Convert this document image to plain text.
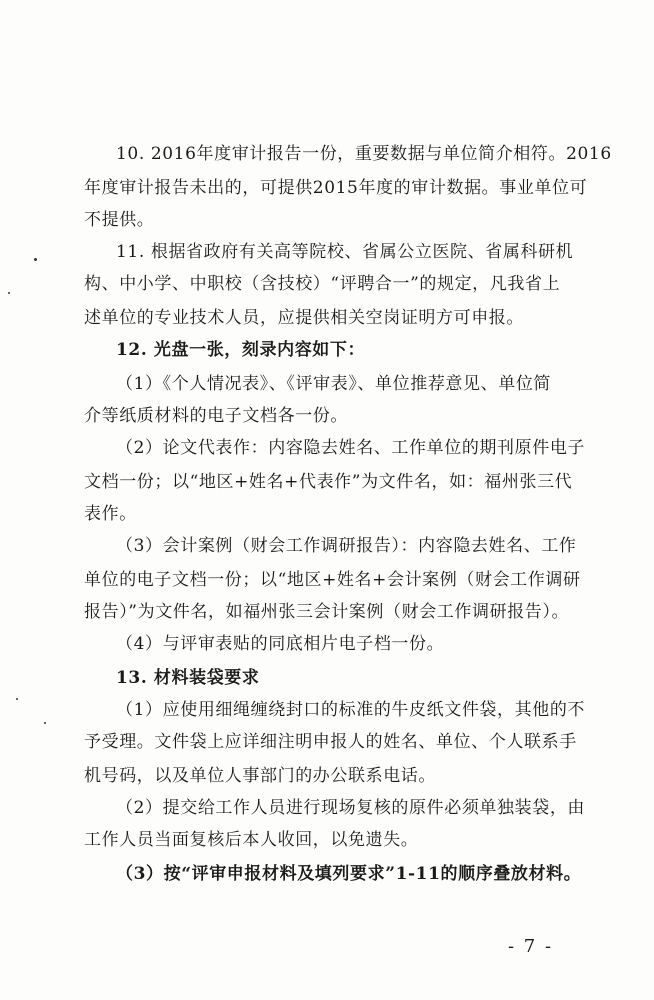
10. 2016年度审计报告一份，重要数据与单位简介相符。2016
年度审计报告未出的，可提供2015年度的审计数据。事业单位可
不提供。
11. 根据省政府有关高等院校、省属公立医院、省属科研机
构、中小学、中职校（含技校）“评聘合一”的规定，凡我省上
述单位的专业技术人员，应提供相关空岗证明方可申报。
12. 光盘一张，刻录内容如下：
（1）《个人情况表》、《评审表》、单位推荐意见、单位简
介等纸质材料的电子文档各一份。
（2）论文代表作：内容隐去姓名、工作单位的期刊原件电子
文档一份；以“地区+姓名+代表作”为文件名，如：福州张三代
表作。
（3）会计案例（财会工作调研报告）：内容隐去姓名、工作
单位的电子文档一份；以“地区+姓名+会计案例（财会工作调研
报告）”为文件名，如福州张三会计案例（财会工作调研报告）。
（4）与评审表贴的同底相片电子档一份。
13. 材料装袋要求
（1）应使用细绳缠绕封口的标准的牛皮纸文件袋，其他的不
予受理。文件袋上应详细注明申报人的姓名、单位、个人联系手
机号码，以及单位人事部门的办公联系电话。
（2）提交给工作人员进行现场复核的原件必须单独装袋，由
工作人员当面复核后本人收回，以免遗失。
（3）按“评审申报材料及填列要求”1-11的顺序叠放材料。
- 7 -
